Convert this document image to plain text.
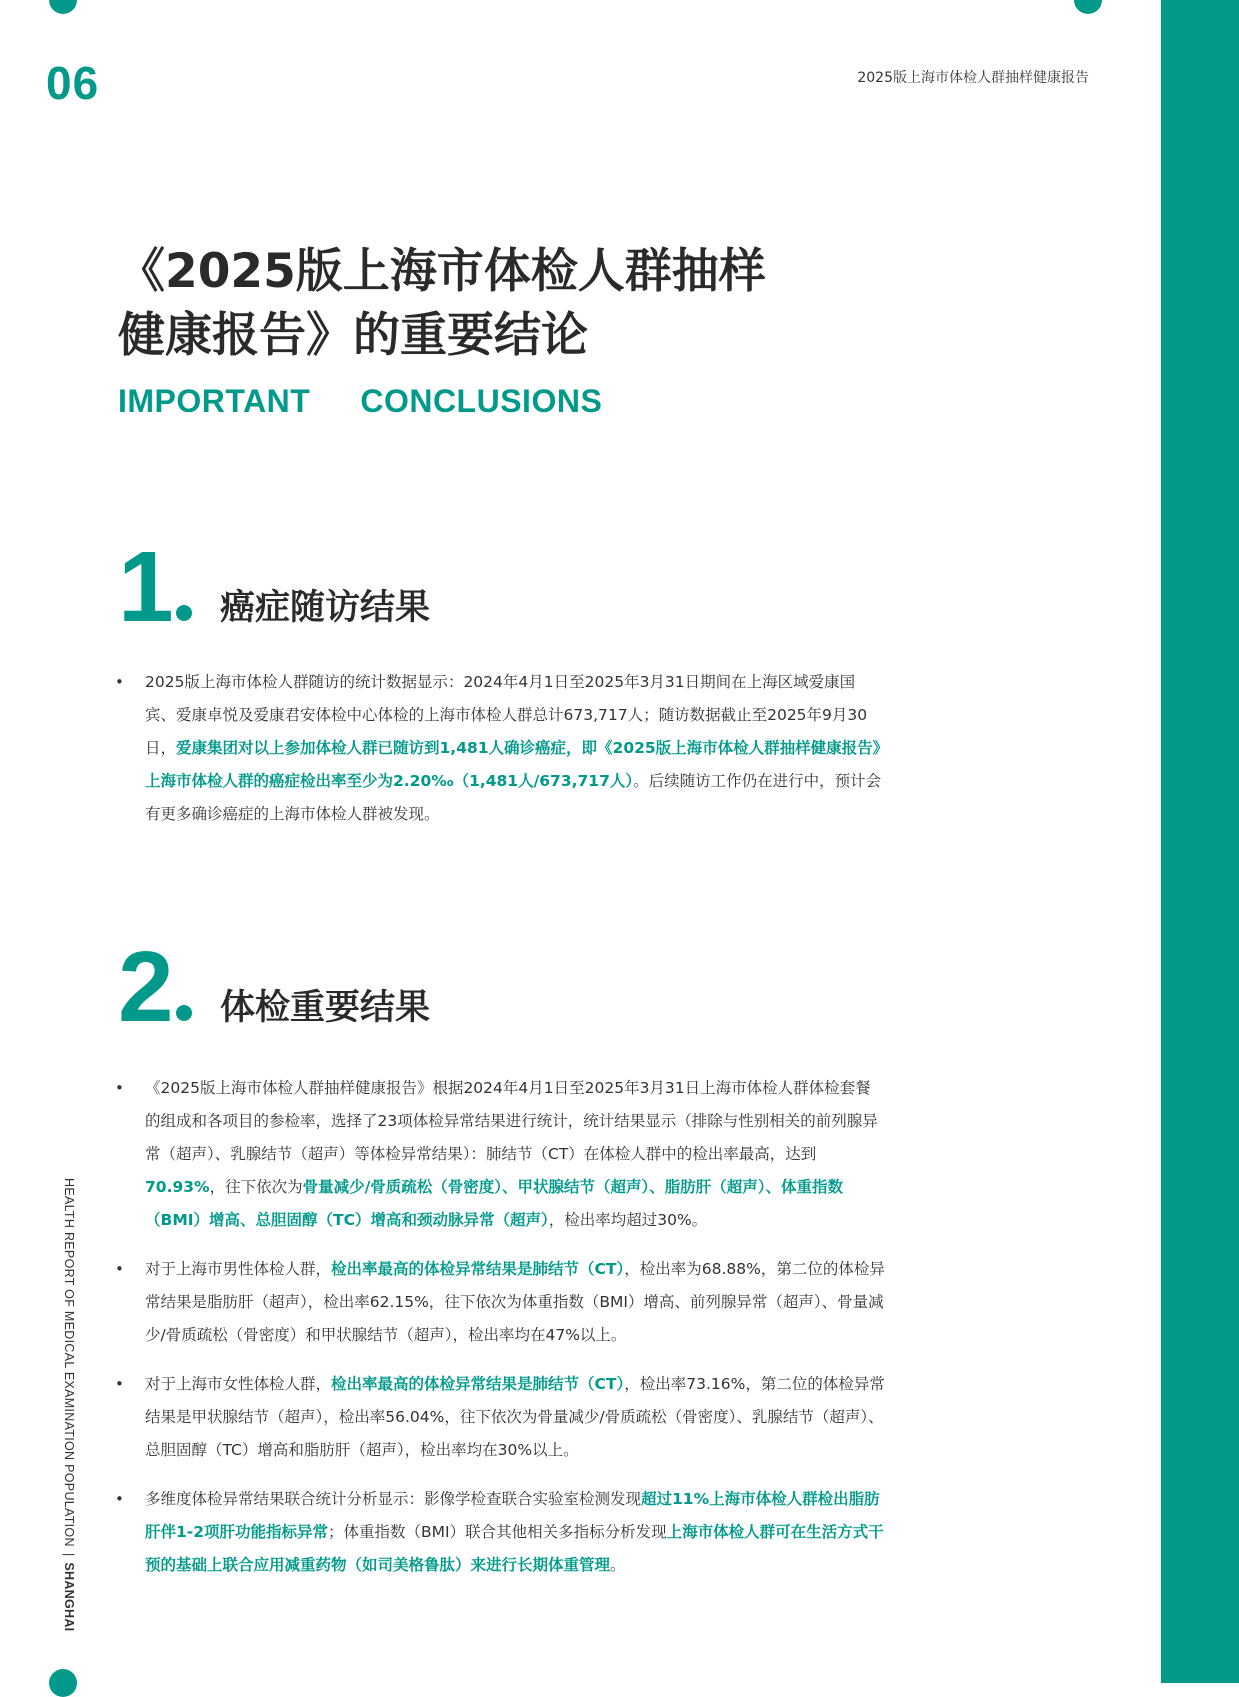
06	2025版上海市体检人群抽样健康报告
《2025版上海市体检人群抽样
健康报告》的重要结论
IMPORTANT CONCLUSIONS
1	癌症随访结果
• 2025版上海市体检人群随访的统计数据显示：2024年4月1日至2025年3月31日期间在上海区域爱康国宾、爱康卓悦及爱康君安体检中心体检的上海市体检人群总计673,717人；随访数据截止至2025年9月30日，爱康集团对以上参加体检人群已随访到1,481人确诊癌症，即《2025版上海市体检人群抽样健康报告》上海市体检人群的癌症检出率至少为2.20‰（1,481人/673,717人）。后续随访工作仍在进行中，预计会有更多确诊癌症的上海市体检人群被发现。
2	体检重要结果
• 《2025版上海市体检人群抽样健康报告》根据2024年4月1日至2025年3月31日上海市体检人群体检套餐的组成和各项目的参检率，选择了23项体检异常结果进行统计，统计结果显示（排除与性别相关的前列腺异常（超声）、乳腺结节（超声）等体检异常结果）：肺结节（CT）在体检人群中的检出率最高，达到70.93%，往下依次为骨量减少/骨质疏松（骨密度）、甲状腺结节（超声）、脂肪肝（超声）、体重指数（BMI）增高、总胆固醇（TC）增高和颈动脉异常（超声），检出率均超过30%。
• 对于上海市男性体检人群，检出率最高的体检异常结果是肺结节（CT），检出率为68.88%，第二位的体检异常结果是脂肪肝（超声），检出率62.15%，往下依次为体重指数（BMI）增高、前列腺异常（超声）、骨量减少/骨质疏松（骨密度）和甲状腺结节（超声），检出率均在47%以上。
• 对于上海市女性体检人群，检出率最高的体检异常结果是肺结节（CT），检出率73.16%，第二位的体检异常结果是甲状腺结节（超声），检出率56.04%，往下依次为骨量减少/骨质疏松（骨密度）、乳腺结节（超声）、总胆固醇（TC）增高和脂肪肝（超声），检出率均在30%以上。
• 多维度体检异常结果联合统计分析显示：影像学检查联合实验室检测发现超过11%上海市体检人群检出脂肪肝伴1-2项肝功能指标异常；体重指数（BMI）联合其他相关多指标分析发现上海市体检人群可在生活方式干预的基础上联合应用减重药物（如司美格鲁肽）来进行长期体重管理。
HEALTH REPORT OF MEDICAL EXAMINATION POPULATION|SHANGHAI
